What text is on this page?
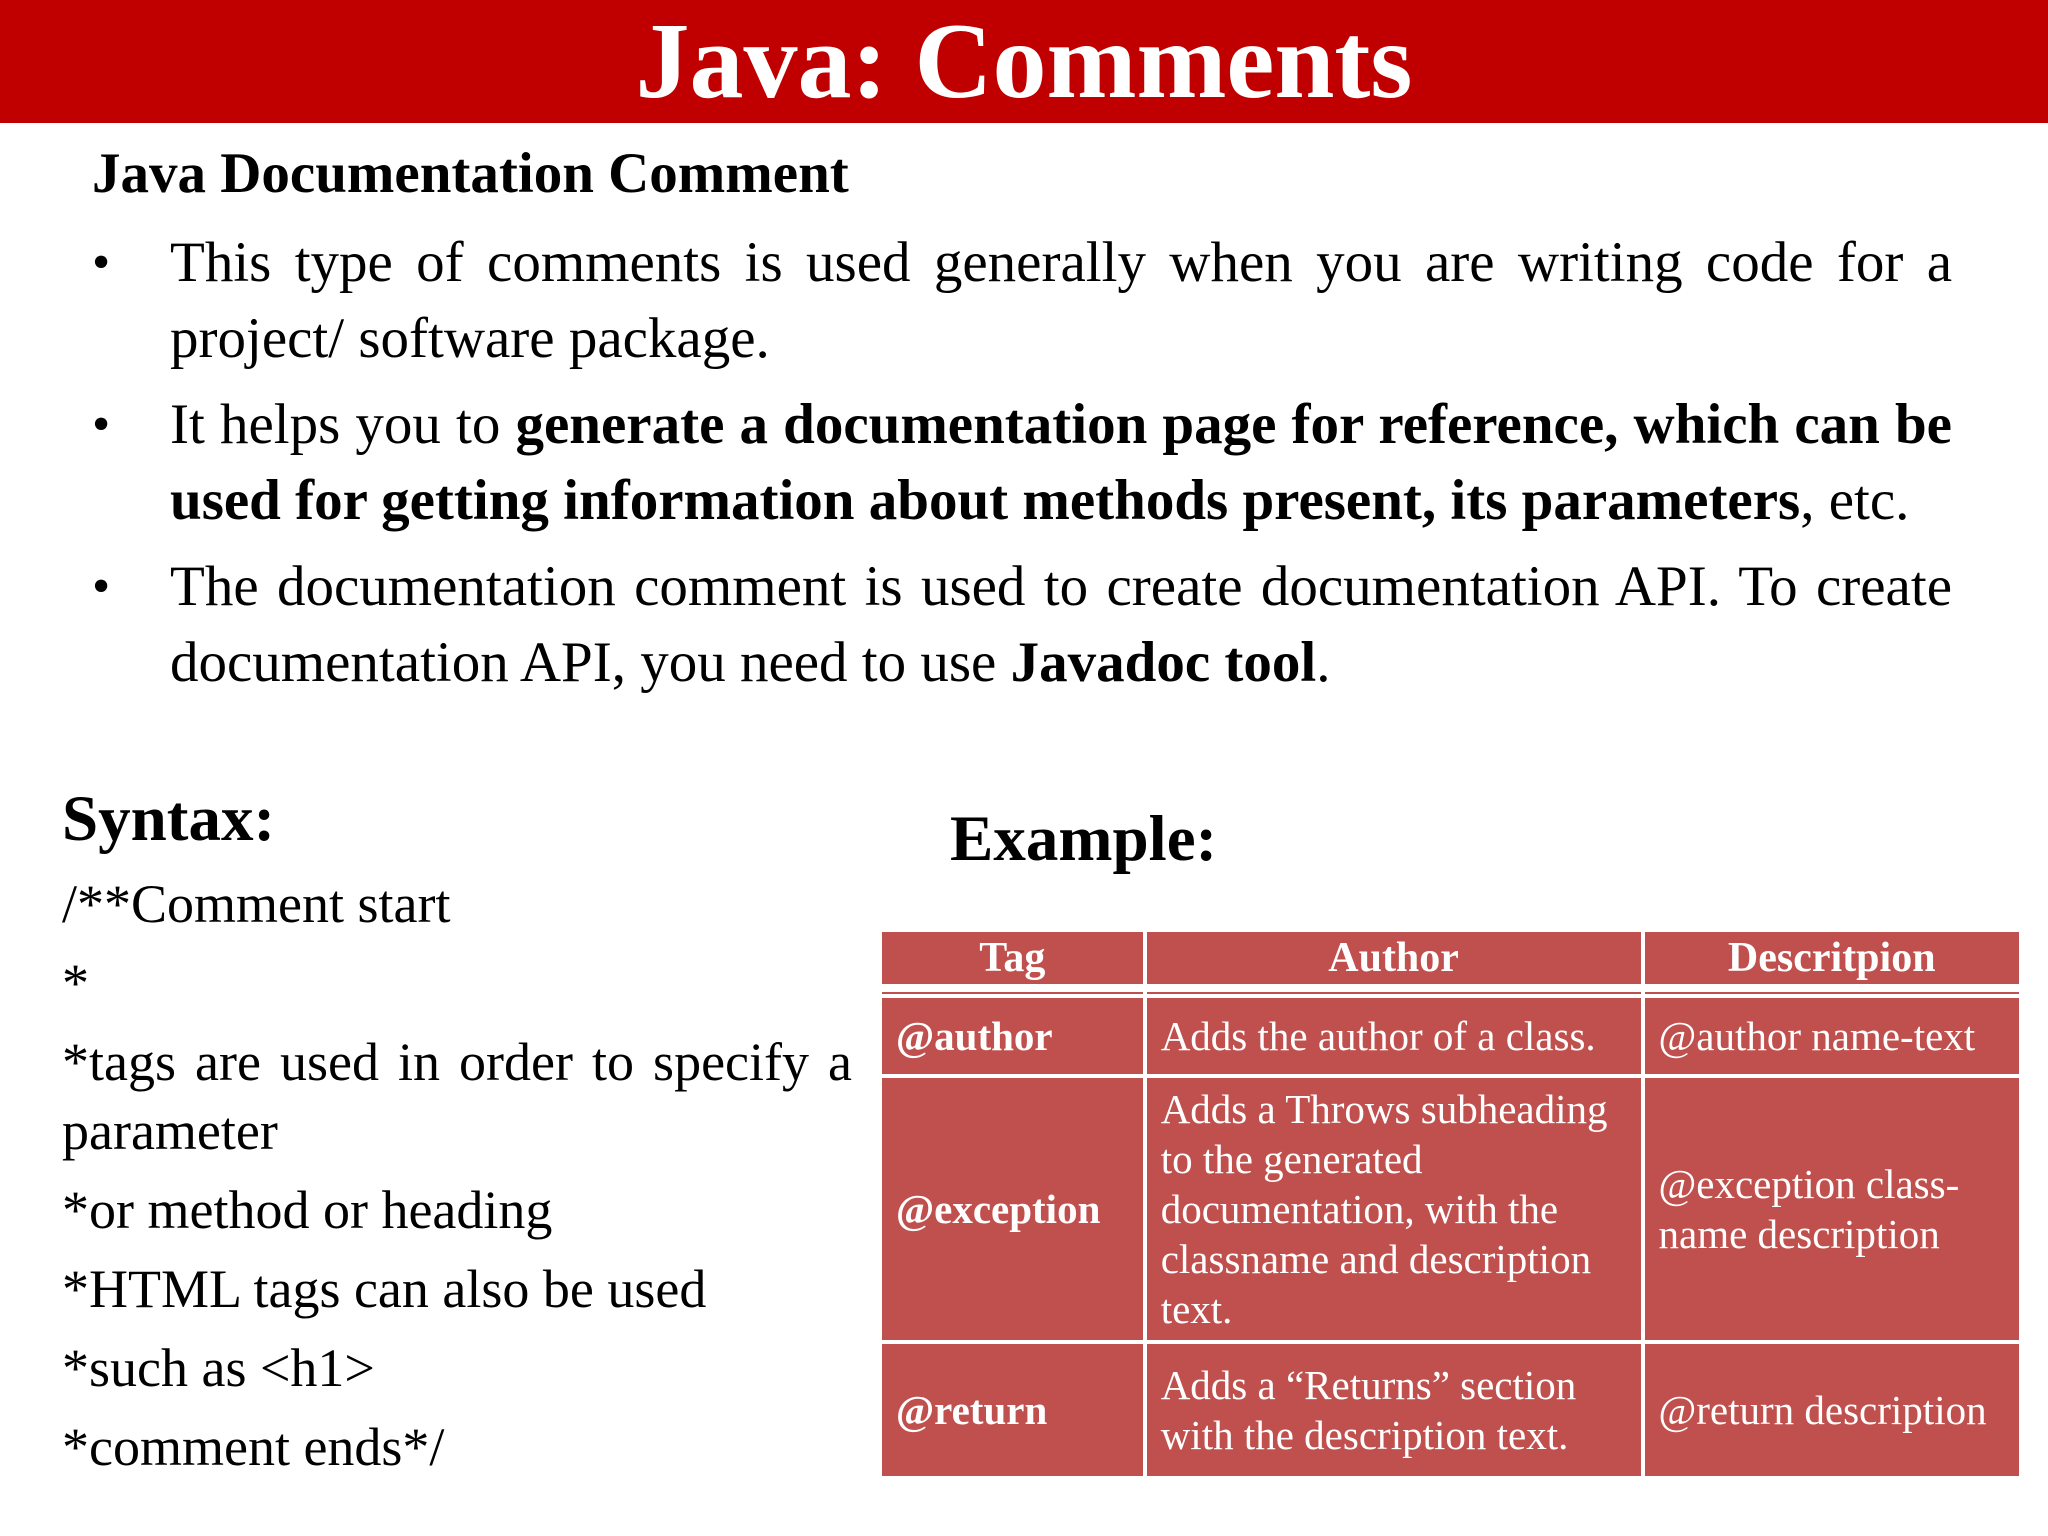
Java: Comments
Java Documentation Comment
• This type of comments is used generally when you are writing code for a project/ software package.
• It helps you to generate a documentation page for reference, which can be used for getting information about methods present, its parameters, etc.
• The documentation comment is used to create documentation API. To create documentation API, you need to use Javadoc tool.
Syntax:	Example:
/**Comment start
*
*tags are used in order to specify a parameter
*or method or heading
*HTML tags can also be used
*such as <h1>
*comment ends*/
Tag	Author	Descritpion

@author	Adds the author of a class.	@author name-text
@exception	Adds a Throws subheading to the generated documentation, with the classname and description text.	@exception class-name description
@return	Adds a “Returns” section with the description text.	@return description
